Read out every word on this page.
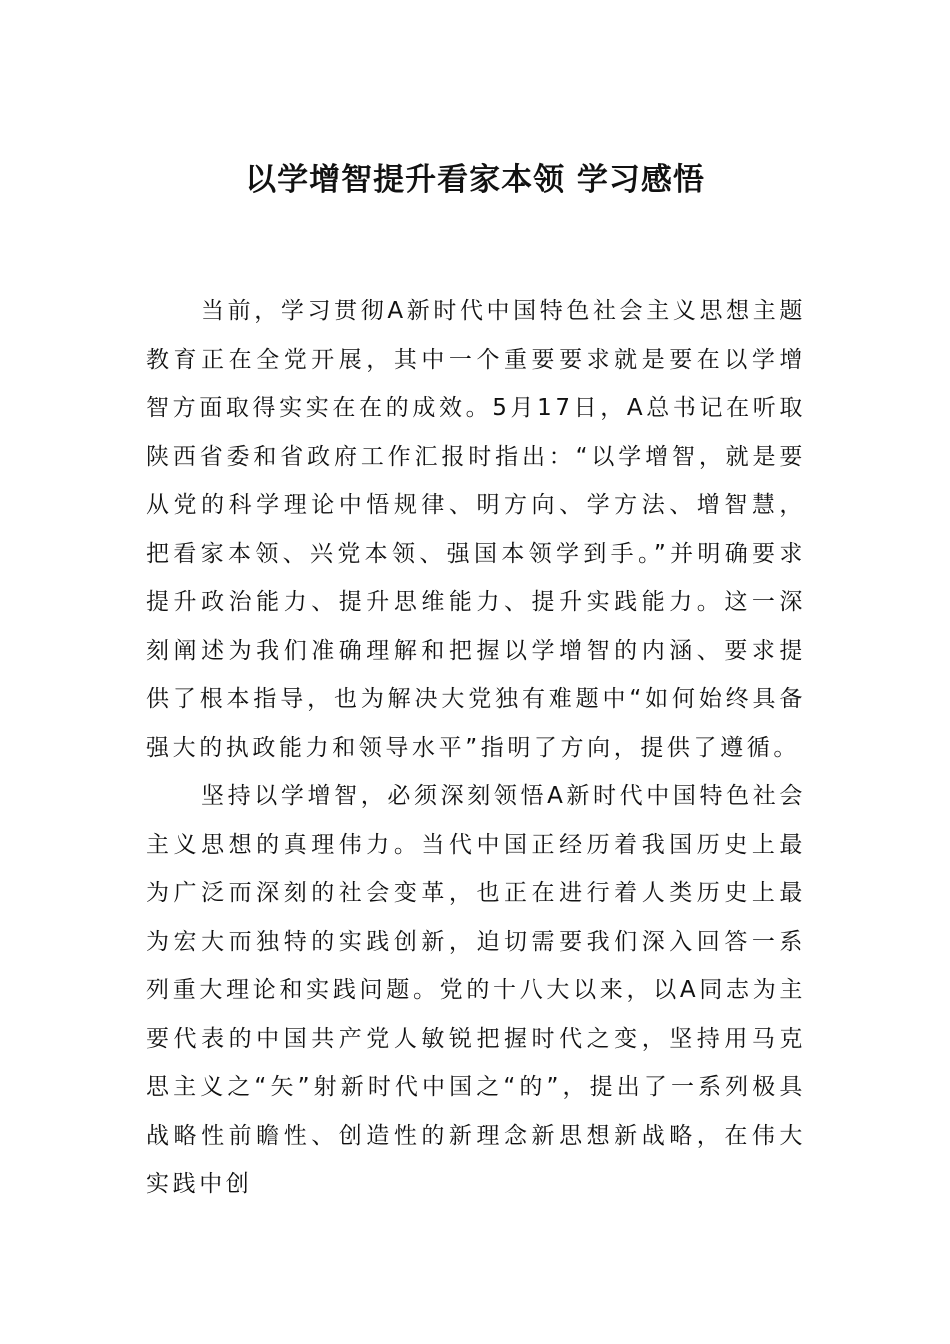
以学增智提升看家本领 学习感悟

当前，学习贯彻A新时代中国特色社会主义思想主题教育正在全党开展，其中一个重要要求就是要在以学增智方面取得实实在在的成效。5月17日，A总书记在听取陕西省委和省政府工作汇报时指出：“以学增智，就是要从党的科学理论中悟规律、明方向、学方法、增智慧，把看家本领、兴党本领、强国本领学到手。”并明确要求提升政治能力、提升思维能力、提升实践能力。这一深刻阐述为我们准确理解和把握以学增智的内涵、要求提供了根本指导，也为解决大党独有难题中“如何始终具备强大的执政能力和领导水平”指明了方向，提供了遵循。

坚持以学增智，必须深刻领悟A新时代中国特色社会主义思想的真理伟力。当代中国正经历着我国历史上最为广泛而深刻的社会变革，也正在进行着人类历史上最为宏大而独特的实践创新，迫切需要我们深入回答一系列重大理论和实践问题。党的十八大以来，以A同志为主要代表的中国共产党人敏锐把握时代之变，坚持用马克思主义之“矢”射新时代中国之“的”，提出了一系列极具战略性前瞻性、创造性的新理念新思想新战略，在伟大实践中创
